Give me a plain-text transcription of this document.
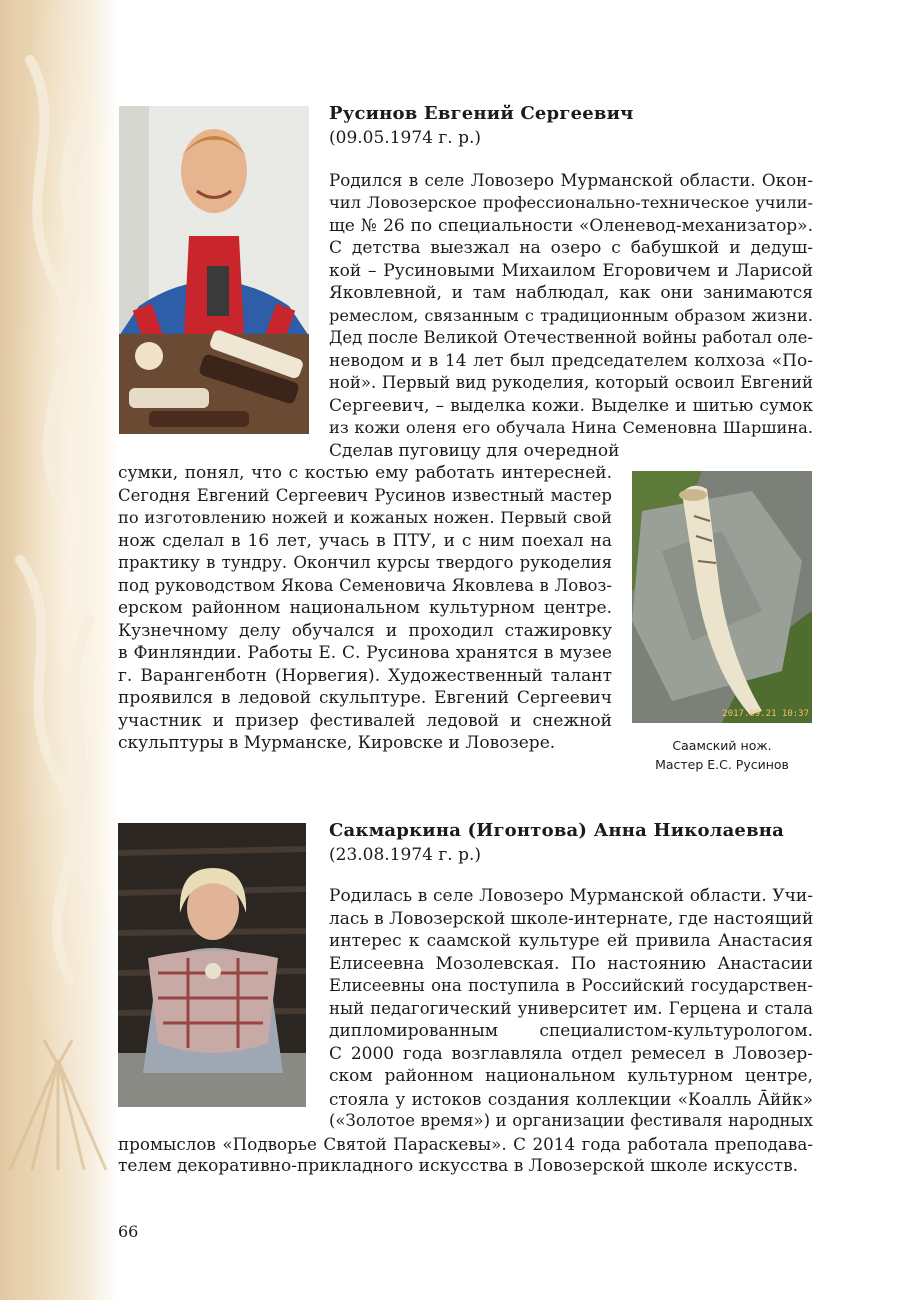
Русинов Евгений Сергеевич

(09.05.1974 г. р.)

Родился в селе Ловозеро Мурманской области. Окон-

чил Ловозерское профессионально-техническое учили-

ще № 26 по специальности «Оленевод-механизатор».

С детства выезжал на озеро с бабушкой и дедуш-

кой – Русиновыми Михаилом Егоровичем и Ларисой

Яковлевной, и там наблюдал, как они занимаются

ремеслом, связанным с традиционным образом жизни.

Дед после Великой Отечественной войны работал оле-

неводом и в 14 лет был председателем колхоза «По-

ной». Первый вид рукоделия, который освоил Евгений

Сергеевич, – выделка кожи. Выделке и шитью сумок

из кожи оленя его обучала Нина Семеновна Шаршина.

Сделав пуговицу для очередной

сумки, понял, что с костью ему работать интересней.

Сегодня Евгений Сергеевич Русинов известный мастер

по изготовлению ножей и кожаных ножен. Первый свой

нож сделал в 16 лет, учась в ПТУ, и с ним поехал на

практику в тундру. Окончил курсы твердого рукоделия

под руководством Якова Семеновича Яковлева в Ловоз-

ерском районном национальном культурном центре.

Кузнечному делу обучался и проходил стажировку

в Финляндии. Работы Е. С. Русинова хранятся в музее

г. Варангенботн (Норвегия). Художественный талант

проявился в ледовой скульптуре. Евгений Сергеевич

участник и призер фестивалей ледовой и снежной

скульптуры в Мурманске, Кировске и Ловозере.

2017.09.21 10:37
Саамский нож.
Мастер Е.С. Русинов

Сакмаркина (Игонтова) Анна Николаевна

(23.08.1974 г. р.)

Родилась в селе Ловозеро Мурманской области. Учи-

лась в Ловозерской школе-интернате, где настоящий

интерес к саамской культуре ей привила Анастасия

Елисеевна Мозолевская. По настоянию Анастасии

Елисеевны она поступила в Российский государствен-

ный педагогический университет им. Герцена и стала

дипломированным специалистом-культурологом.

С 2000 года возглавляла отдел ремесел в Ловозер-

ском районном национальном культурном центре,

стояла у истоков создания коллекции «Коалль Āййк»

(«Золотое время») и организации фестиваля народных

промыслов «Подворье Святой Параскевы». С 2014 года работала преподава-

телем декоративно-прикладного искусства в Ловозерской школе искусств.

66
